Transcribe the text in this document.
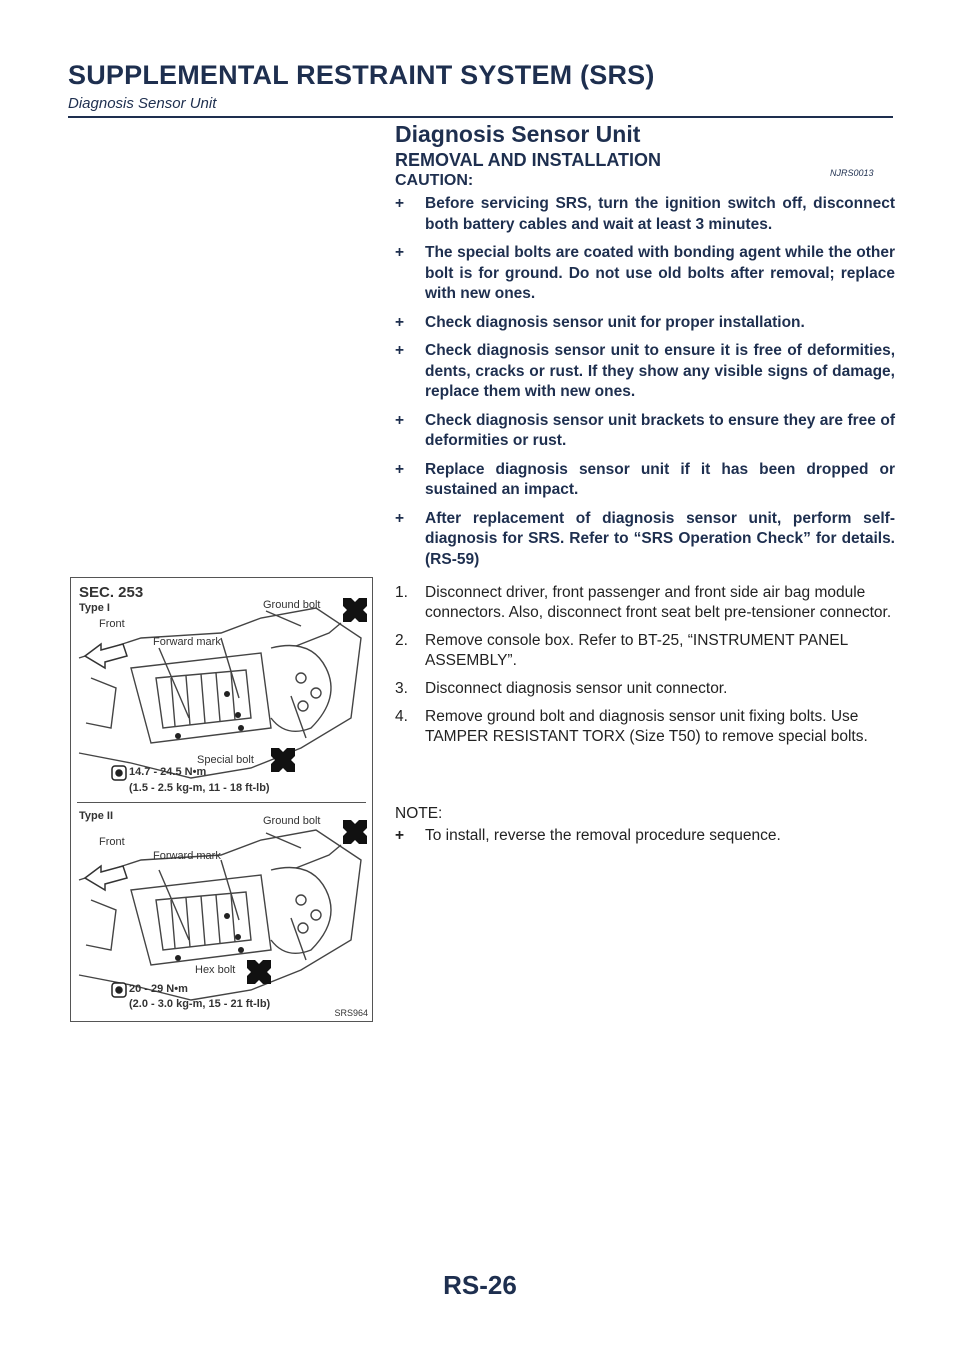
SUPPLEMENTAL RESTRAINT SYSTEM (SRS)
Diagnosis Sensor Unit
Diagnosis Sensor Unit
REMOVAL AND INSTALLATION
NJRS0013
CAUTION:
+ Before servicing SRS, turn the ignition switch off, disconnect both battery cables and wait at least 3 minutes.
+ The special bolts are coated with bonding agent while the other bolt is for ground. Do not use old bolts after removal; replace with new ones.
+ Check diagnosis sensor unit for proper installation.
+ Check diagnosis sensor unit to ensure it is free of deformities, dents, cracks or rust. If they show any visible signs of damage, replace them with new ones.
+ Check diagnosis sensor unit brackets to ensure they are free of deformities or rust.
+ Replace diagnosis sensor unit if it has been dropped or sustained an impact.
+ After replacement of diagnosis sensor unit, perform self-diagnosis for SRS. Refer to “SRS Operation Check” for details. (RS-59)
SEC. 253
Type I
Front
Forward mark
Ground bolt
Special bolt
14.7 - 24.5 N•m
(1.5 - 2.5 kg-m, 11 - 18 ft-lb)
Type II
Front
Forward mark
Ground bolt
Hex bolt
20 - 29 N•m
(2.0 - 3.0 kg-m, 15 - 21 ft-lb)
SRS964
1. Disconnect driver, front passenger and front side air bag module connectors. Also, disconnect front seat belt pre-tensioner connector.
2. Remove console box. Refer to BT-25, “INSTRUMENT PANEL ASSEMBLY”.
3. Disconnect diagnosis sensor unit connector.
4. Remove ground bolt and diagnosis sensor unit fixing bolts. Use TAMPER RESISTANT TORX (Size T50) to remove special bolts.
NOTE:
+ To install, reverse the removal procedure sequence.
RS-26
